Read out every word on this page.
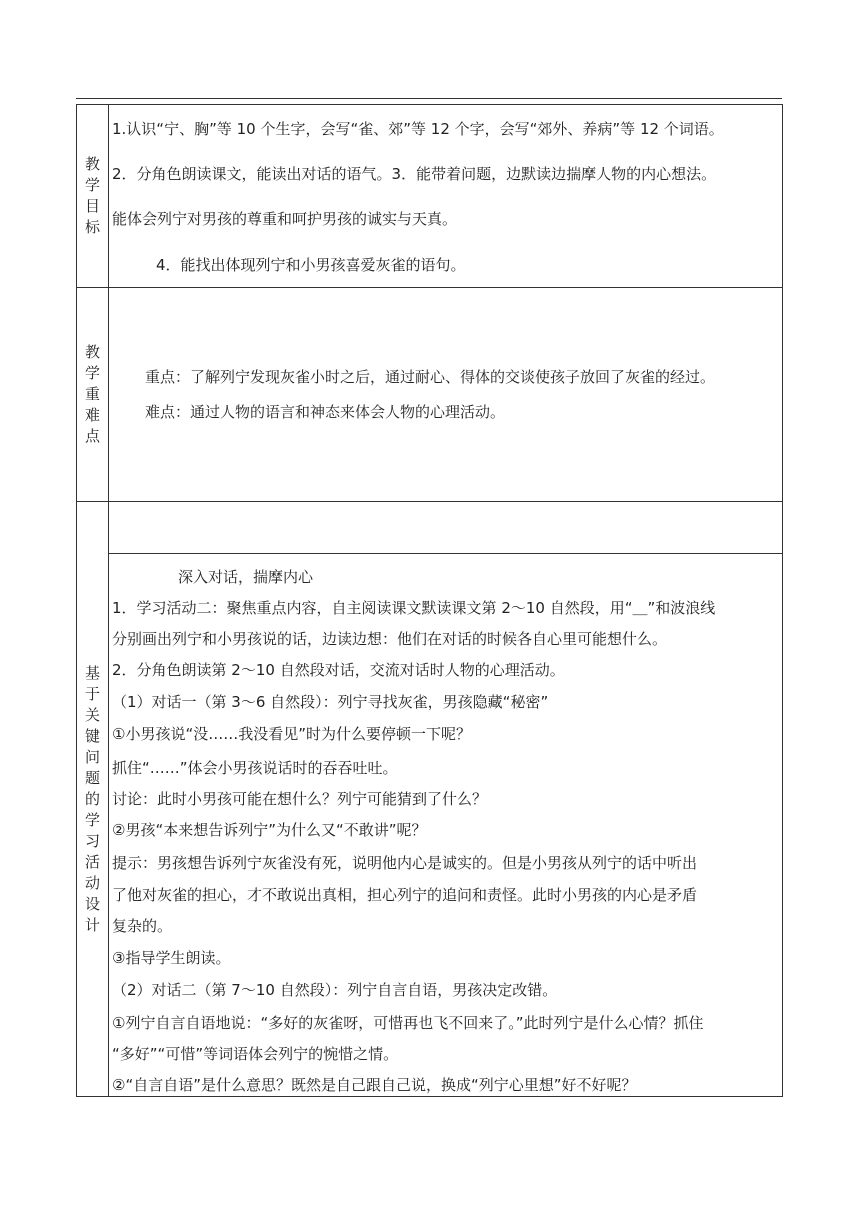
教
学
目
标
1.认识“宁、胸”等 10 个生字，会写“雀、郊”等 12 个字，会写“郊外、养病”等 12 个词语。
2．分角色朗读课文，能读出对话的语气。3．能带着问题，边默读边揣摩人物的内心想法。
能体会列宁对男孩的尊重和呵护男孩的诚实与天真。
4．能找出体现列宁和小男孩喜爱灰雀的语句。
教
学
重
难
点
重点：了解列宁发现灰雀小时之后，通过耐心、得体的交谈使孩子放回了灰雀的经过。
难点：通过人物的语言和神态来体会人物的心理活动。
基
于
关
键
问
题
的
学
习
活
动
设
计
深入对话，揣摩内心
1．学习活动二：聚焦重点内容，自主阅读课文默读课文第 2～10 自然段，用“＿”和波浪线
分别画出列宁和小男孩说的话，边读边想：他们在对话的时候各自心里可能想什么。
2．分角色朗读第 2～10 自然段对话，交流对话时人物的心理活动。
（1）对话一（第 3～6 自然段）：列宁寻找灰雀，男孩隐藏“秘密”
①小男孩说“没……我没看见”时为什么要停顿一下呢？
抓住“……”体会小男孩说话时的吞吞吐吐。
讨论：此时小男孩可能在想什么？列宁可能猜到了什么？
②男孩“本来想告诉列宁”为什么又“不敢讲”呢？
提示：男孩想告诉列宁灰雀没有死，说明他内心是诚实的。但是小男孩从列宁的话中听出
了他对灰雀的担心，才不敢说出真相，担心列宁的追问和责怪。此时小男孩的内心是矛盾
复杂的。
③指导学生朗读。
（2）对话二（第 7～10 自然段）：列宁自言自语，男孩决定改错。
①列宁自言自语地说：“多好的灰雀呀，可惜再也飞不回来了。”此时列宁是什么心情？抓住
“多好”“可惜”等词语体会列宁的惋惜之情。
②“自言自语”是什么意思？既然是自己跟自己说，换成“列宁心里想”好不好呢？
